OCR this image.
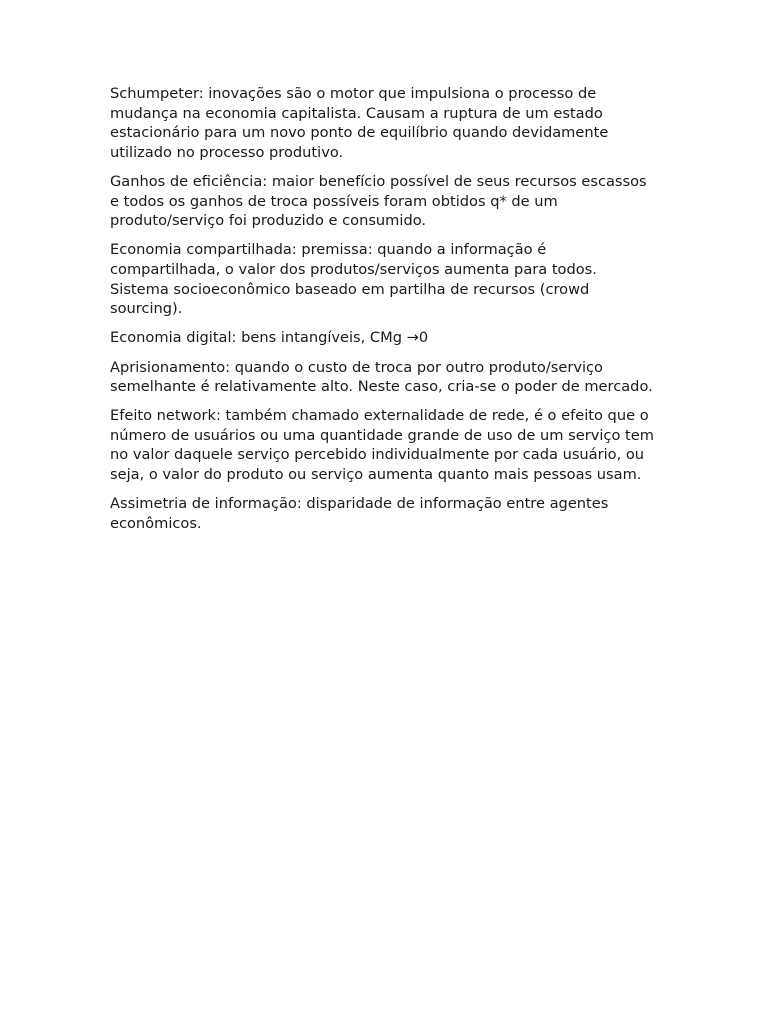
Schumpeter: inovações são o motor que impulsiona o processo de mudança na economia capitalista. Causam a ruptura de um estado estacionário para um novo ponto de equilíbrio quando devidamente utilizado no processo produtivo.

Ganhos de eficiência: maior benefício possível de seus recursos escassos e todos os ganhos de troca possíveis foram obtidos q* de um produto/serviço foi produzido e consumido.

Economia compartilhada: premissa: quando a informação é compartilhada, o valor dos produtos/serviços aumenta para todos. Sistema socioeconômico baseado em partilha de recursos (crowd sourcing).

Economia digital: bens intangíveis, CMg →0

Aprisionamento: quando o custo de troca por outro produto/serviço semelhante é relativamente alto. Neste caso, cria-se o poder de mercado.

Efeito network: também chamado externalidade de rede, é o efeito que o número de usuários ou uma quantidade grande de uso de um serviço tem no valor daquele serviço percebido individualmente por cada usuário, ou seja, o valor do produto ou serviço aumenta quanto mais pessoas usam.

Assimetria de informação: disparidade de informação entre agentes econômicos.
